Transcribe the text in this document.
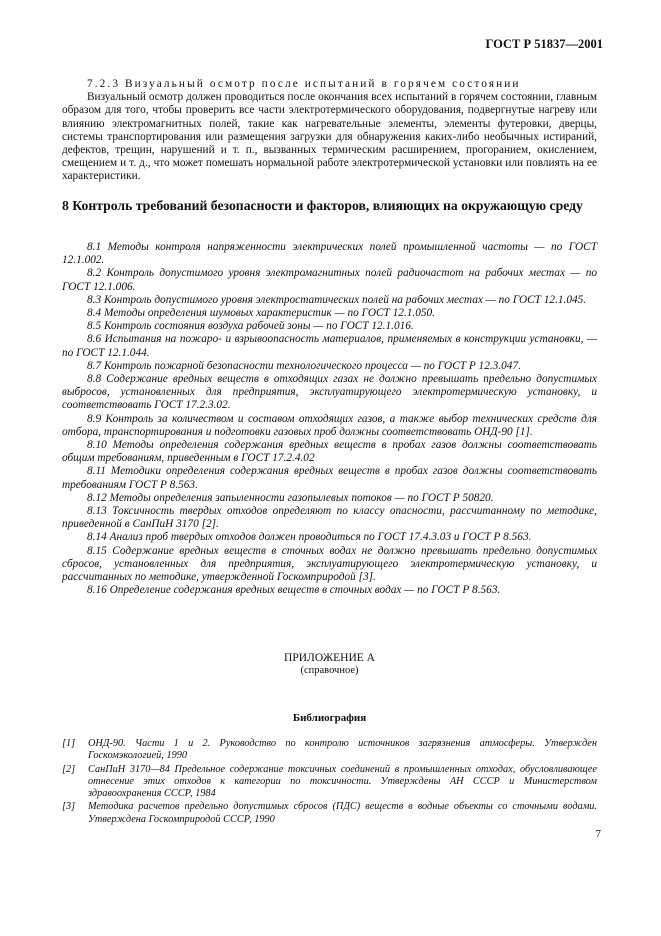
ГОСТ Р 51837—2001
7.2.3 Визуальный осмотр после испытаний в горячем состоянии
Визуальный осмотр должен проводиться после окончания всех испытаний в горячем состоянии, главным образом для того, чтобы проверить все части электротермического оборудования, подвергнутые нагреву или влиянию электромагнитных полей, такие как нагревательные элементы, элементы футеровки, дверцы, системы транспортирования или размещения загрузки для обнаружения каких-либо необычных истираний, дефектов, трещин, нарушений и т. п., вызванных термическим расширением, прогоранием, окислением, смещением и т. д., что может помешать нормальной работе электротермической установки или повлиять на ее характеристики.
8 Контроль требований безопасности и факторов, влияющих на окружающую среду

8.1 Методы контроля напряженности электрических полей промышленной частоты — по ГОСТ 12.1.002.

8.2 Контроль допустимого уровня электромагнитных полей радиочастот на рабочих местах — по ГОСТ 12.1.006.

8.3 Контроль допустимого уровня электростатических полей на рабочих местах — по ГОСТ 12.1.045.

8.4 Методы определения шумовых характеристик — по ГОСТ 12.1.050.

8.5 Контроль состояния воздуха рабочей зоны — по ГОСТ 12.1.016.

8.6 Испытания на пожаро- и взрывоопасность материалов, применяемых в конструкции установки, — по ГОСТ 12.1.044.

8.7 Контроль пожарной безопасности технологического процесса — по ГОСТ Р 12.3.047.

8.8 Содержание вредных веществ в отходящих газах не должно превышать предельно допустимых выбросов, установленных для предприятия, эксплуатирующего электротермическую установку, и соответствовать ГОСТ 17.2.3.02.

8.9 Контроль за количеством и составом отходящих газов, а также выбор технических средств для отбора, транспортирования и подготовки газовых проб должны соответствовать ОНД-90 [1].

8.10 Методы определения содержания вредных веществ в пробах газов должны соответствовать общим требованиям, приведенным в ГОСТ 17.2.4.02

8.11 Методики определения содержания вредных веществ в пробах газов должны соответствовать требованиям ГОСТ Р 8.563.

8.12 Методы определения запыленности газопылевых потоков — по ГОСТ Р 50820.

8.13 Токсичность твердых отходов определяют по классу опасности, рассчитанному по методике, приведенной в СанПиН 3170 [2].

8.14 Анализ проб твердых отходов должен проводиться по ГОСТ 17.4.3.03 и ГОСТ Р 8.563.

8.15 Содержание вредных веществ в сточных водах не должно превышать предельно допустимых сбросов, установленных для предприятия, эксплуатирующего электротермическую установку, и рассчитанных по методике, утвержденной Госкомприродой [3].

8.16 Определение содержания вредных веществ в сточных водах — по ГОСТ Р 8.563.

ПРИЛОЖЕНИЕ А
(справочное)
Библиография
[1]	ОНД-90. Части 1 и 2. Руководство по контролю источников загрязнения атмосферы. Утвержден Госкомэкологией, 1990
[2]	СанПиН 3170—84 Предельное содержание токсичных соединений в промышленных отходах, обусловливающее отнесение этих отходов к категории по токсичности. Утверждены АН СССР и Министерством здравоохранения СССР, 1984
[3]	Методика расчетов предельно допустимых сбросов (ПДС) веществ в водные объекты со сточными водами. Утверждена Госкомприродой СССР, 1990
7
